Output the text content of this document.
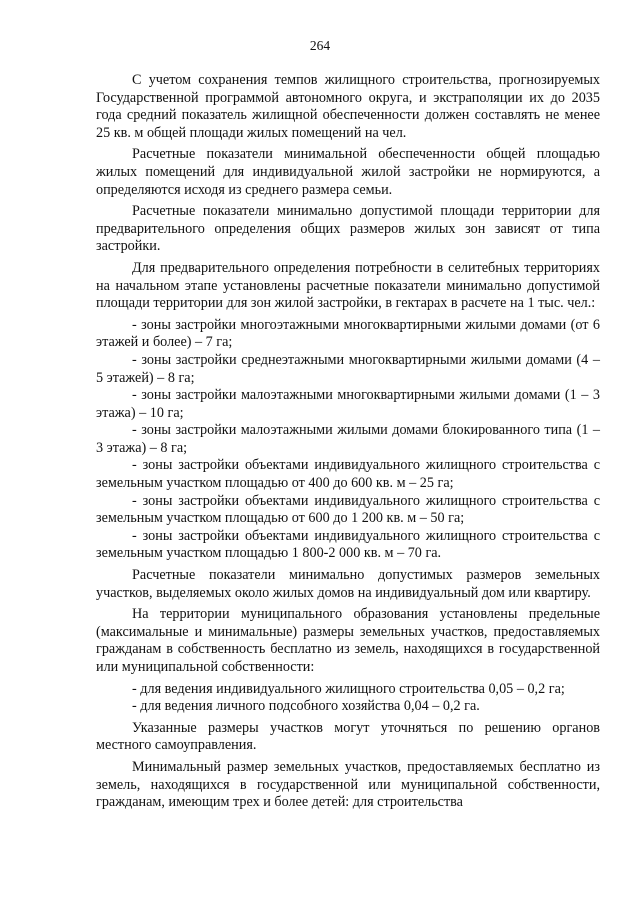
264

С учетом сохранения темпов жилищного строительства, прогнозируемых Государственной программой автономного округа, и экстраполяции их до 2035 года средний показатель жилищной обеспеченности должен составлять не менее 25 кв. м общей площади жилых помещений на чел.

Расчетные показатели минимальной обеспеченности общей площадью жилых помещений для индивидуальной жилой застройки не нормируются, а определяются исходя из среднего размера семьи.

Расчетные показатели минимально допустимой площади территории для предварительного определения общих размеров жилых зон зависят от типа застройки.

Для предварительного определения потребности в селитебных территориях на начальном этапе установлены расчетные показатели минимально допустимой площади территории для зон жилой застройки, в гектарах в расчете на 1 тыс. чел.:

- зоны застройки многоэтажными многоквартирными жилыми домами (от 6 этажей и более) – 7 га;

- зоны застройки среднеэтажными многоквартирными жилыми домами (4 – 5 этажей) – 8 га;

- зоны застройки малоэтажными многоквартирными жилыми домами (1 – 3 этажа) – 10 га;

- зоны застройки малоэтажными жилыми домами блокированного типа (1 – 3 этажа) – 8 га;

- зоны застройки объектами индивидуального жилищного строительства с земельным участком площадью от 400 до 600 кв. м – 25 га;

- зоны застройки объектами индивидуального жилищного строительства с земельным участком площадью от 600 до 1 200 кв. м – 50 га;

- зоны застройки объектами индивидуального жилищного строительства с земельным участком площадью 1 800-2 000 кв. м – 70 га.

Расчетные показатели минимально допустимых размеров земельных участков, выделяемых около жилых домов на индивидуальный дом или квартиру.

На территории муниципального образования установлены предельные (максимальные и минимальные) размеры земельных участков, предоставляемых гражданам в собственность бесплатно из земель, находящихся в государственной или муниципальной собственности:

- для ведения индивидуального жилищного строительства 0,05 – 0,2 га;

- для ведения личного подсобного хозяйства 0,04 – 0,2 га.

Указанные размеры участков могут уточняться по решению органов местного самоуправления.

Минимальный размер земельных участков, предоставляемых бесплатно из земель, находящихся в государственной или муниципальной собственности, гражданам, имеющим трех и более детей: для строительства
